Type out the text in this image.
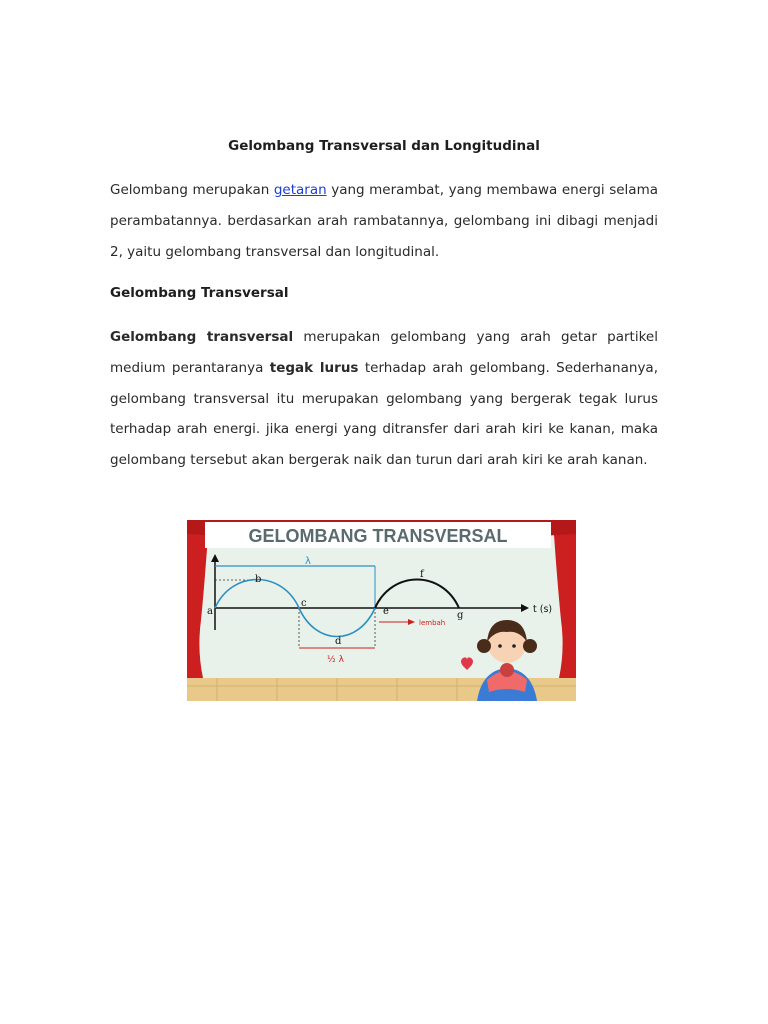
Gelombang Transversal dan Longitudinal
Gelombang merupakan getaran yang merambat, yang membawa energi selama perambatannya. berdasarkan arah rambatannya, gelombang ini dibagi menjadi 2, yaitu gelombang transversal dan longitudinal.
Gelombang Transversal
Gelombang transversal merupakan gelombang yang arah getar partikel medium perantaranya tegak lurus terhadap arah gelombang. Sederhananya, gelombang transversal itu merupakan gelombang yang bergerak tegak lurus terhadap arah energi. jika energi yang ditransfer dari arah kiri ke kanan, maka gelombang tersebut akan bergerak naik dan turun dari arah kiri ke arah kanan.
GELOMBANG TRANSVERSAL
t (s)
λ
½ λ
lembah
a
b
c
d
e
f
g
